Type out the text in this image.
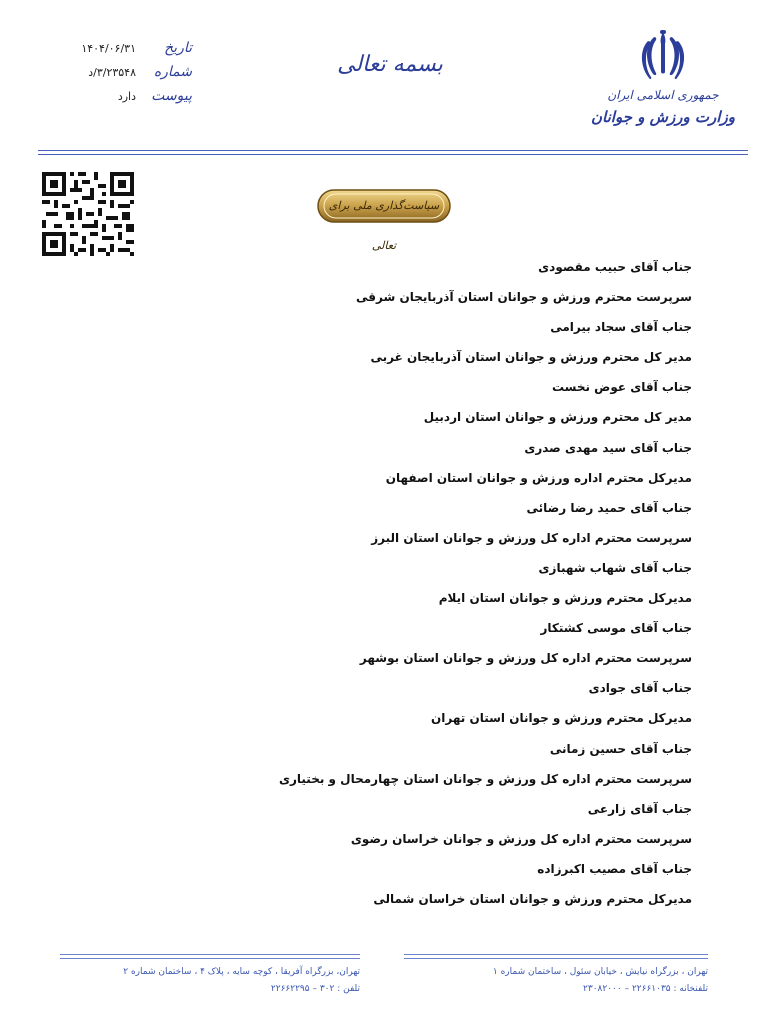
جمهوری اسلامی ایران
وزارت ورزش و جوانان
بسمه تعالی
تاریخ
۱۴۰۴/۰۶/۳۱
شماره
۳/۲۳۵۴۸/د
پیوست
دارد
سیاست‌گذاری ملی برای تعالی
جناب آقای حبیب مقصودی
سرپرست محترم ورزش و جوانان استان آذربایجان شرقی
جناب آقای سجاد بیرامی
مدیر کل محترم ورزش و جوانان استان آذربایجان غربی
جناب آقای عوض نخست
مدیر کل محترم ورزش و جوانان استان اردبیل
جناب آقای سید مهدی صدری
مدیرکل محترم اداره ورزش و جوانان استان اصفهان
جناب آقای حمید رضا رضائی
سرپرست محترم اداره کل ورزش و جوانان استان البرز
جناب آقای شهاب شهبازی
مدیرکل محترم ورزش و جوانان استان ایلام
جناب آقای موسی کشتکار
سرپرست محترم اداره کل ورزش و جوانان استان بوشهر
جناب آقای جوادی
مدیرکل محترم ورزش و جوانان استان تهران
جناب آقای حسین زمانی
سرپرست محترم اداره کل ورزش و جوانان استان چهارمحال و بختیاری
جناب آقای زارعی
سرپرست محترم اداره کل ورزش و جوانان خراسان رضوی
جناب آقای مصیب اکبرزاده
مدیرکل محترم ورزش و جوانان استان خراسان شمالی
تهران ، بزرگراه نیایش ، خیابان سئول ، ساختمان شماره ۱
تلفنخانه : ۲۲۶۶۱۰۳۵ – ۲۳۰۸۲۰۰۰
تهران، بزرگراه آفریقا ، کوچه سایه ، پلاک ۴ ، ساختمان شماره ۲
تلفن : ۳۰۲ – ۲۲۶۶۲۲۹۵
